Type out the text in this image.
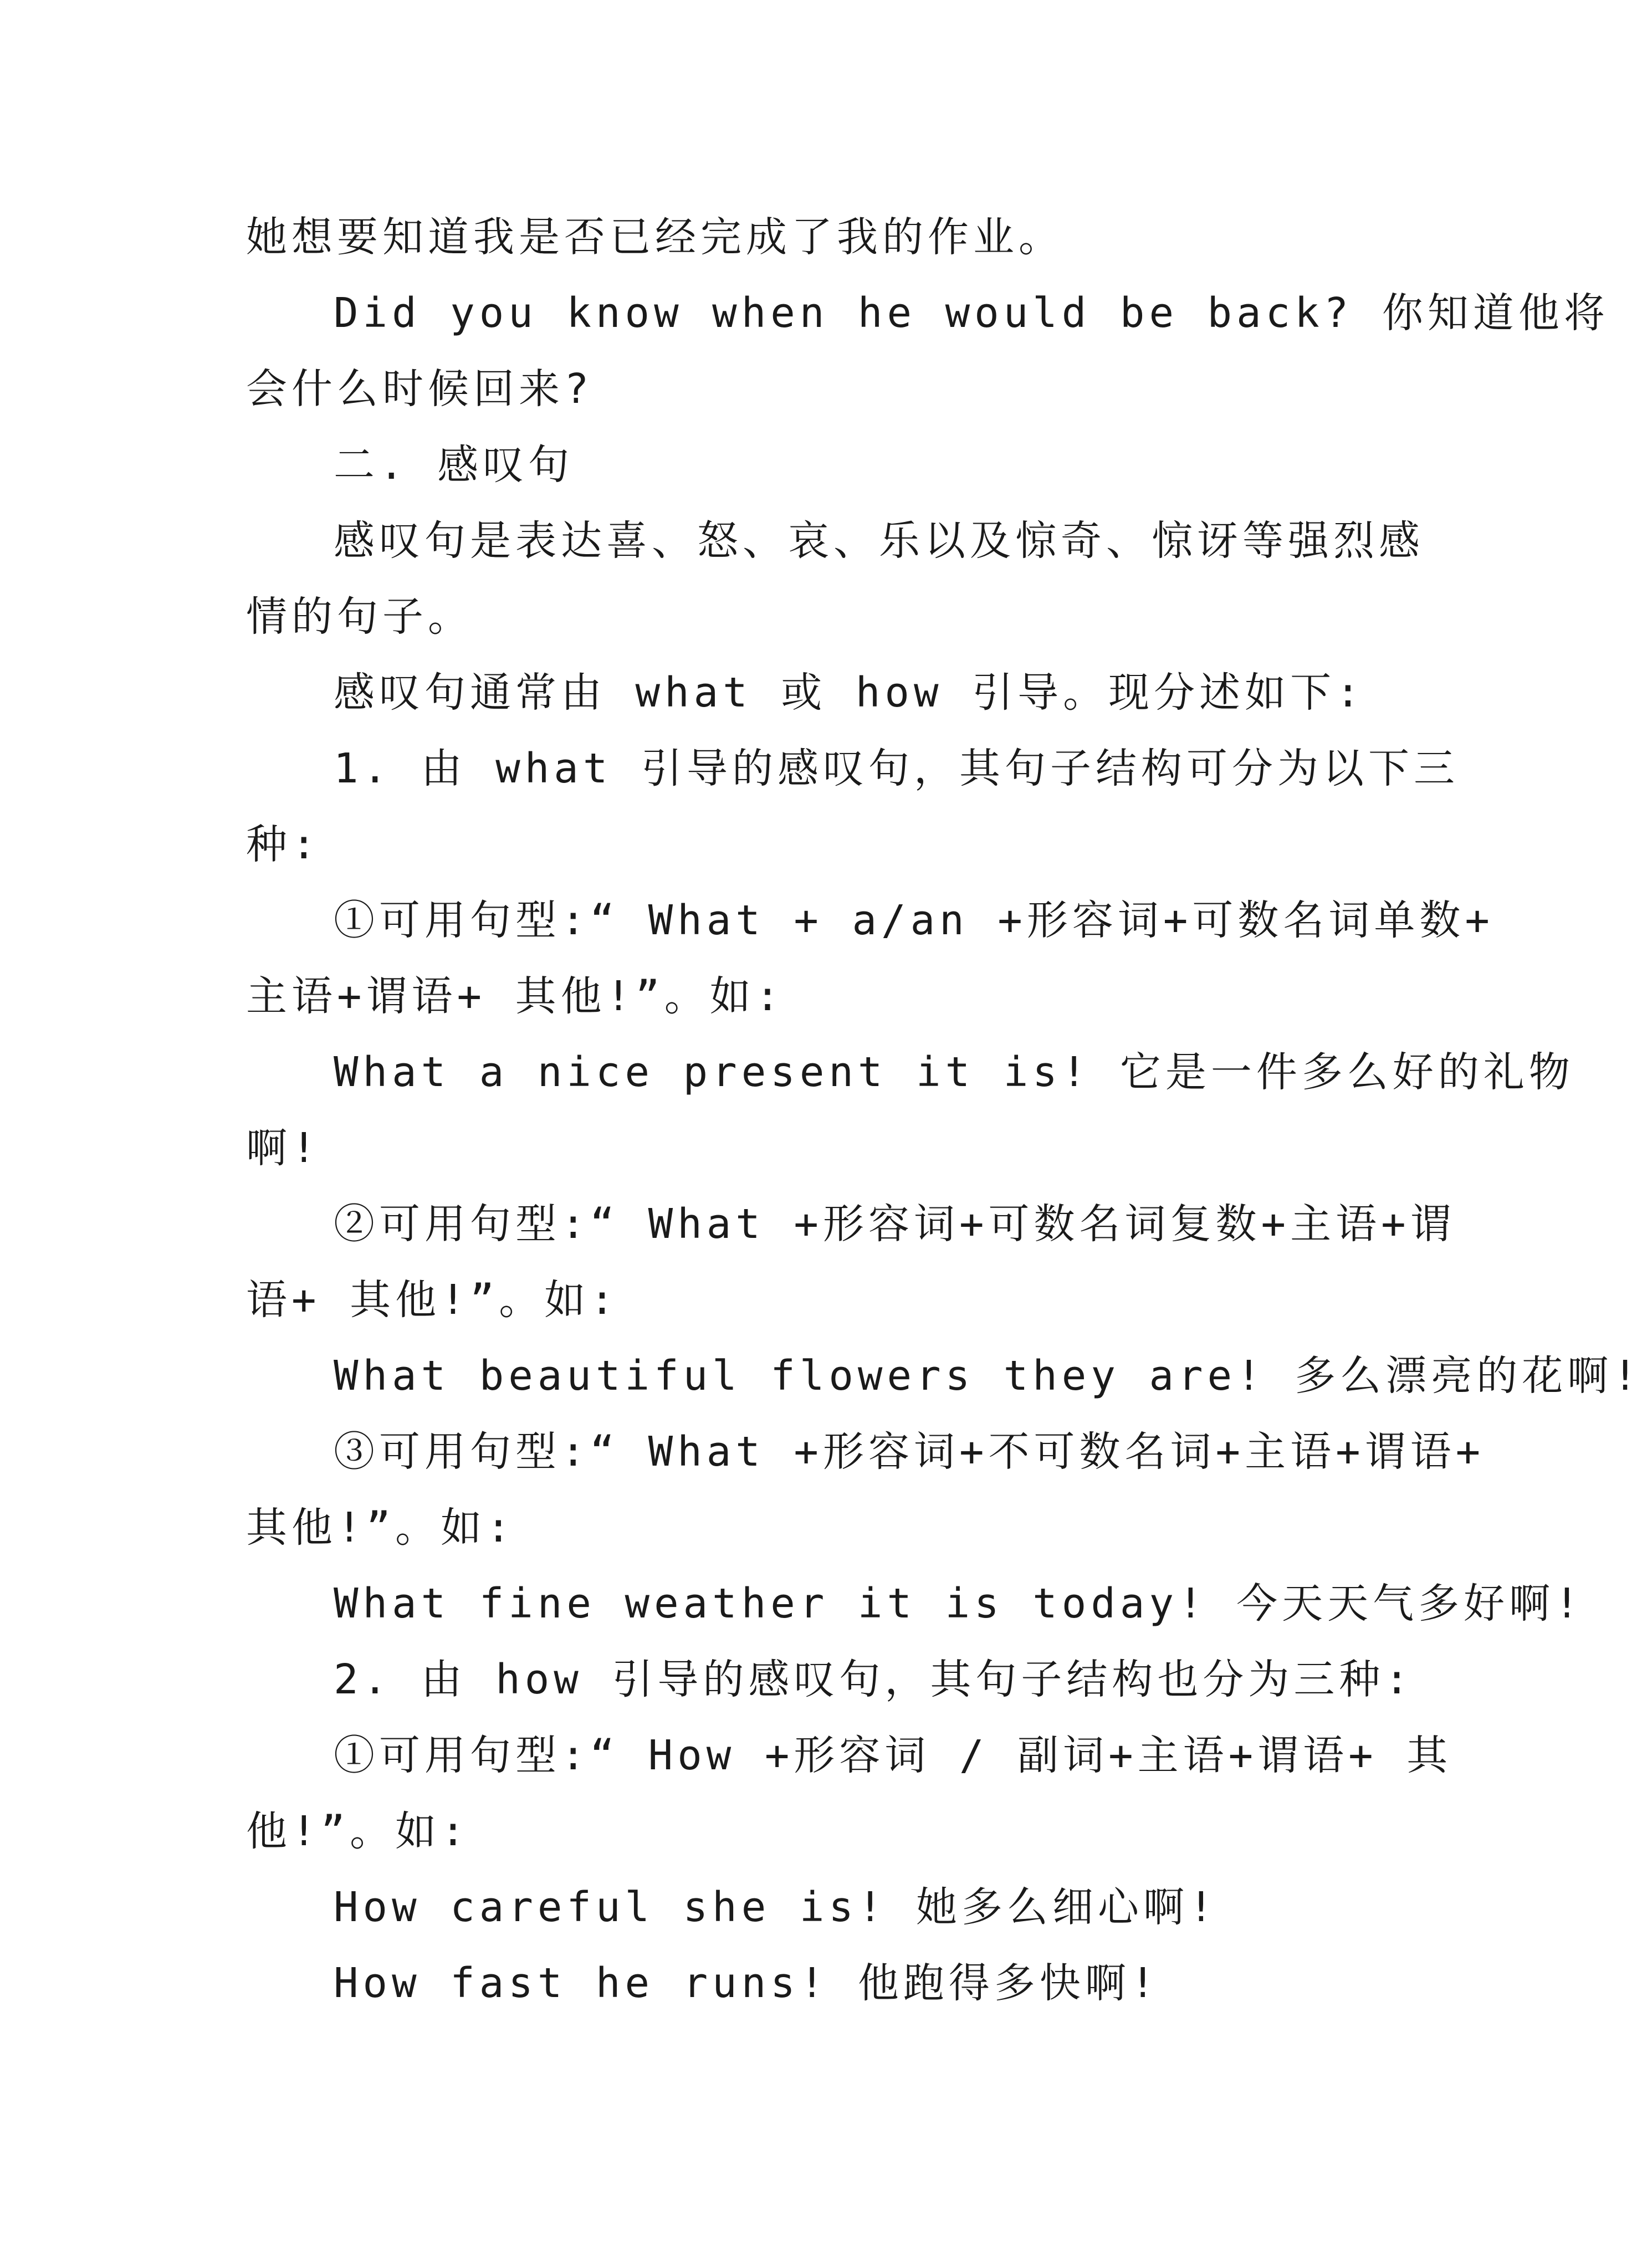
她想要知道我是否已经完成了我的作业。
Did you know when he would be back? 你知道他将
会什么时候回来?
二. 感叹句
感叹句是表达喜、怒、哀、乐以及惊奇、惊讶等强烈感
情的句子。
感叹句通常由 what 或 how 引导。现分述如下:
1. 由 what 引导的感叹句，其句子结构可分为以下三
种:
①可用句型:“ What + a/an +形容词+可数名词单数+
主语+谓语+ 其他!”。如:
What a nice present it is! 它是一件多么好的礼物
啊!
②可用句型:“ What +形容词+可数名词复数+主语+谓
语+ 其他!”。如:
What beautiful flowers they are! 多么漂亮的花啊!
③可用句型:“ What +形容词+不可数名词+主语+谓语+
其他!”。如:
What fine weather it is today! 今天天气多好啊!
2. 由 how 引导的感叹句，其句子结构也分为三种:
①可用句型:“ How +形容词 / 副词+主语+谓语+ 其
他!”。如:
How careful she is! 她多么细心啊!
How fast he runs! 他跑得多快啊!
